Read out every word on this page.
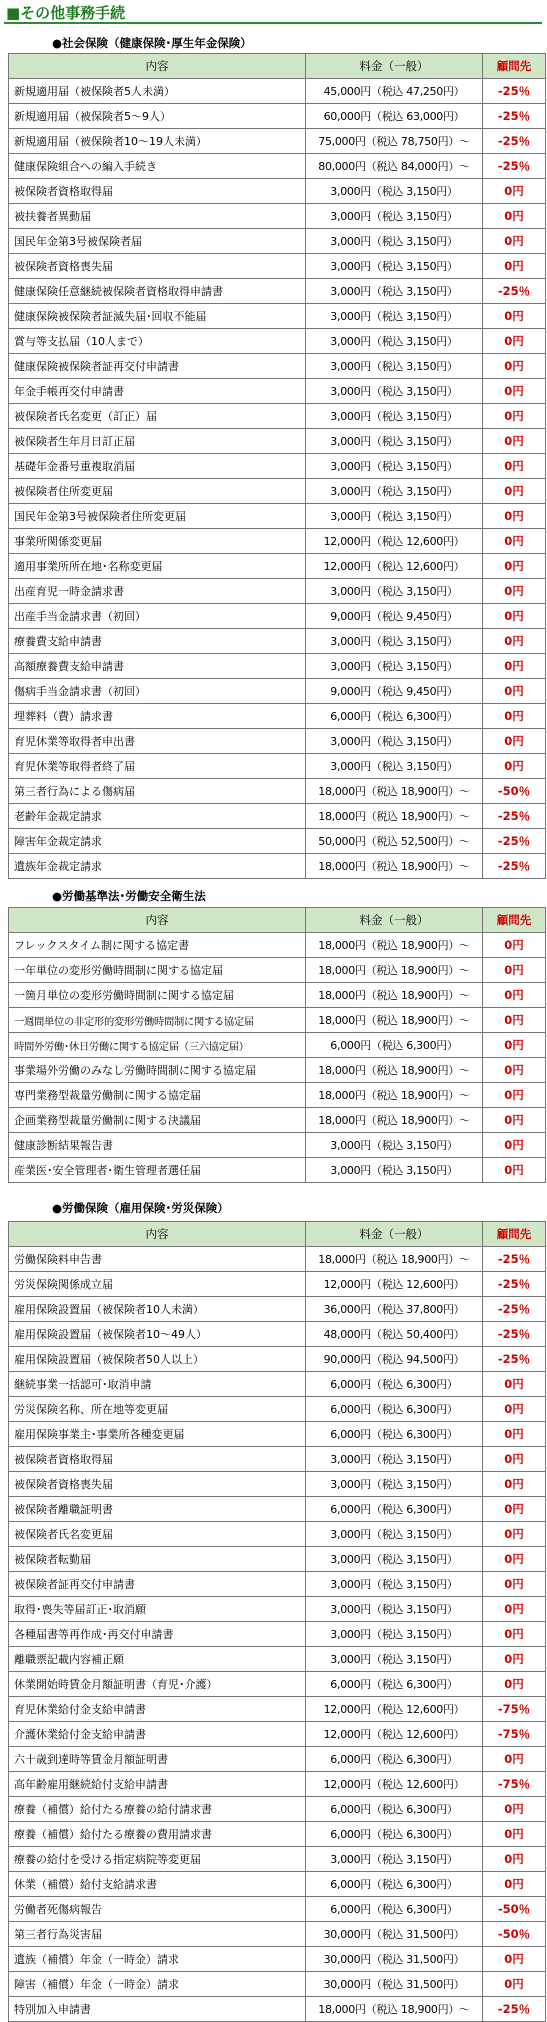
■その他事務手続
●社会保険（健康保険･厚生年金保険）
内容	料金（一般）	顧問先
新規適用届（被保険者5人未満）	45,000円（税込 47,250円）	-25％
新規適用届（被保険者5～9人）	60,000円（税込 63,000円）	-25％
新規適用届（被保険者10～19人未満）	75,000円（税込 78,750円）～	-25％
健康保険組合への編入手続き	80,000円（税込 84,000円）～	-25％
被保険者資格取得届	3,000円（税込 3,150円）	0円
被扶養者異動届	3,000円（税込 3,150円）	0円
国民年金第3号被保険者届	3,000円（税込 3,150円）	0円
被保険者資格喪失届	3,000円（税込 3,150円）	0円
健康保険任意継続被保険者資格取得申請書	3,000円（税込 3,150円）	-25％
健康保険被保険者証滅失届･回収不能届	3,000円（税込 3,150円）	0円
賞与等支払届（10人まで）	3,000円（税込 3,150円）	0円
健康保険被保険者証再交付申請書	3,000円（税込 3,150円）	0円
年金手帳再交付申請書	3,000円（税込 3,150円）	0円
被保険者氏名変更（訂正）届	3,000円（税込 3,150円）	0円
被保険者生年月日訂正届	3,000円（税込 3,150円）	0円
基礎年金番号重複取消届	3,000円（税込 3,150円）	0円
被保険者住所変更届	3,000円（税込 3,150円）	0円
国民年金第3号被保険者住所変更届	3,000円（税込 3,150円）	0円
事業所関係変更届	12,000円（税込 12,600円）	0円
適用事業所所在地･名称変更届	12,000円（税込 12,600円）	0円
出産育児一時金請求書	3,000円（税込 3,150円）	0円
出産手当金請求書（初回）	9,000円（税込 9,450円）	0円
療養費支給申請書	3,000円（税込 3,150円）	0円
高額療養費支給申請書	3,000円（税込 3,150円）	0円
傷病手当金請求書（初回）	9,000円（税込 9,450円）	0円
埋葬料（費）請求書	6,000円（税込 6,300円）	0円
育児休業等取得者申出書	3,000円（税込 3,150円）	0円
育児休業等取得者終了届	3,000円（税込 3,150円）	0円
第三者行為による傷病届	18,000円（税込 18,900円）～	-50％
老齢年金裁定請求	18,000円（税込 18,900円）～	-25％
障害年金裁定請求	50,000円（税込 52,500円）～	-25％
遺族年金裁定請求	18,000円（税込 18,900円）～	-25％
●労働基準法･労働安全衛生法
内容	料金（一般）	顧問先
フレックスタイム制に関する協定書	18,000円（税込 18,900円）～	0円
一年単位の変形労働時間制に関する協定届	18,000円（税込 18,900円）～	0円
一箇月単位の変形労働時間制に関する協定届	18,000円（税込 18,900円）～	0円
一週間単位の非定形的変形労働時間制に関する協定届	18,000円（税込 18,900円）～	0円
時間外労働･休日労働に関する協定届（三六協定届）	6,000円（税込 6,300円）	0円
事業場外労働のみなし労働時間制に関する協定届	18,000円（税込 18,900円）～	0円
専門業務型裁量労働制に関する協定届	18,000円（税込 18,900円）～	0円
企画業務型裁量労働制に関する決議届	18,000円（税込 18,900円）～	0円
健康診断結果報告書	3,000円（税込 3,150円）	0円
産業医･安全管理者･衛生管理者選任届	3,000円（税込 3,150円）	0円
●労働保険（雇用保険･労災保険）
内容	料金（一般）	顧問先
労働保険料申告書	18,000円（税込 18,900円）～	-25％
労災保険関係成立届	12,000円（税込 12,600円）	-25％
雇用保険設置届（被保険者10人未満）	36,000円（税込 37,800円）	-25％
雇用保険設置届（被保険者10～49人）	48,000円（税込 50,400円）	-25％
雇用保険設置届（被保険者50人以上）	90,000円（税込 94,500円）	-25％
継続事業一括認可･取消申請	6,000円（税込 6,300円）	0円
労災保険名称、所在地等変更届	6,000円（税込 6,300円）	0円
雇用保険事業主･事業所各種変更届	6,000円（税込 6,300円）	0円
被保険者資格取得届	3,000円（税込 3,150円）	0円
被保険者資格喪失届	3,000円（税込 3,150円）	0円
被保険者離職証明書	6,000円（税込 6,300円）	0円
被保険者氏名変更届	3,000円（税込 3,150円）	0円
被保険者転勤届	3,000円（税込 3,150円）	0円
被保険者証再交付申請書	3,000円（税込 3,150円）	0円
取得･喪失等届訂正･取消願	3,000円（税込 3,150円）	0円
各種届書等再作成･再交付申請書	3,000円（税込 3,150円）	0円
離職票記載内容補正願	3,000円（税込 3,150円）	0円
休業開始時賃金月額証明書（育児･介護）	6,000円（税込 6,300円）	0円
育児休業給付金支給申請書	12,000円（税込 12,600円）	-75％
介護休業給付金支給申請書	12,000円（税込 12,600円）	-75％
六十歳到達時等賃金月額証明書	6,000円（税込 6,300円）	0円
高年齢雇用継続給付支給申請書	12,000円（税込 12,600円）	-75％
療養（補償）給付たる療養の給付請求書	6,000円（税込 6,300円）	0円
療養（補償）給付たる療養の費用請求書	6,000円（税込 6,300円）	0円
療養の給付を受ける指定病院等変更届	3,000円（税込 3,150円）	0円
休業（補償）給付支給請求書	6,000円（税込 6,300円）	0円
労働者死傷病報告	6,000円（税込 6,300円）	-50％
第三者行為災害届	30,000円（税込 31,500円）	-50％
遺族（補償）年金（一時金）請求	30,000円（税込 31,500円）	0円
障害（補償）年金（一時金）請求	30,000円（税込 31,500円）	0円
特別加入申請書	18,000円（税込 18,900円）～	-25％
